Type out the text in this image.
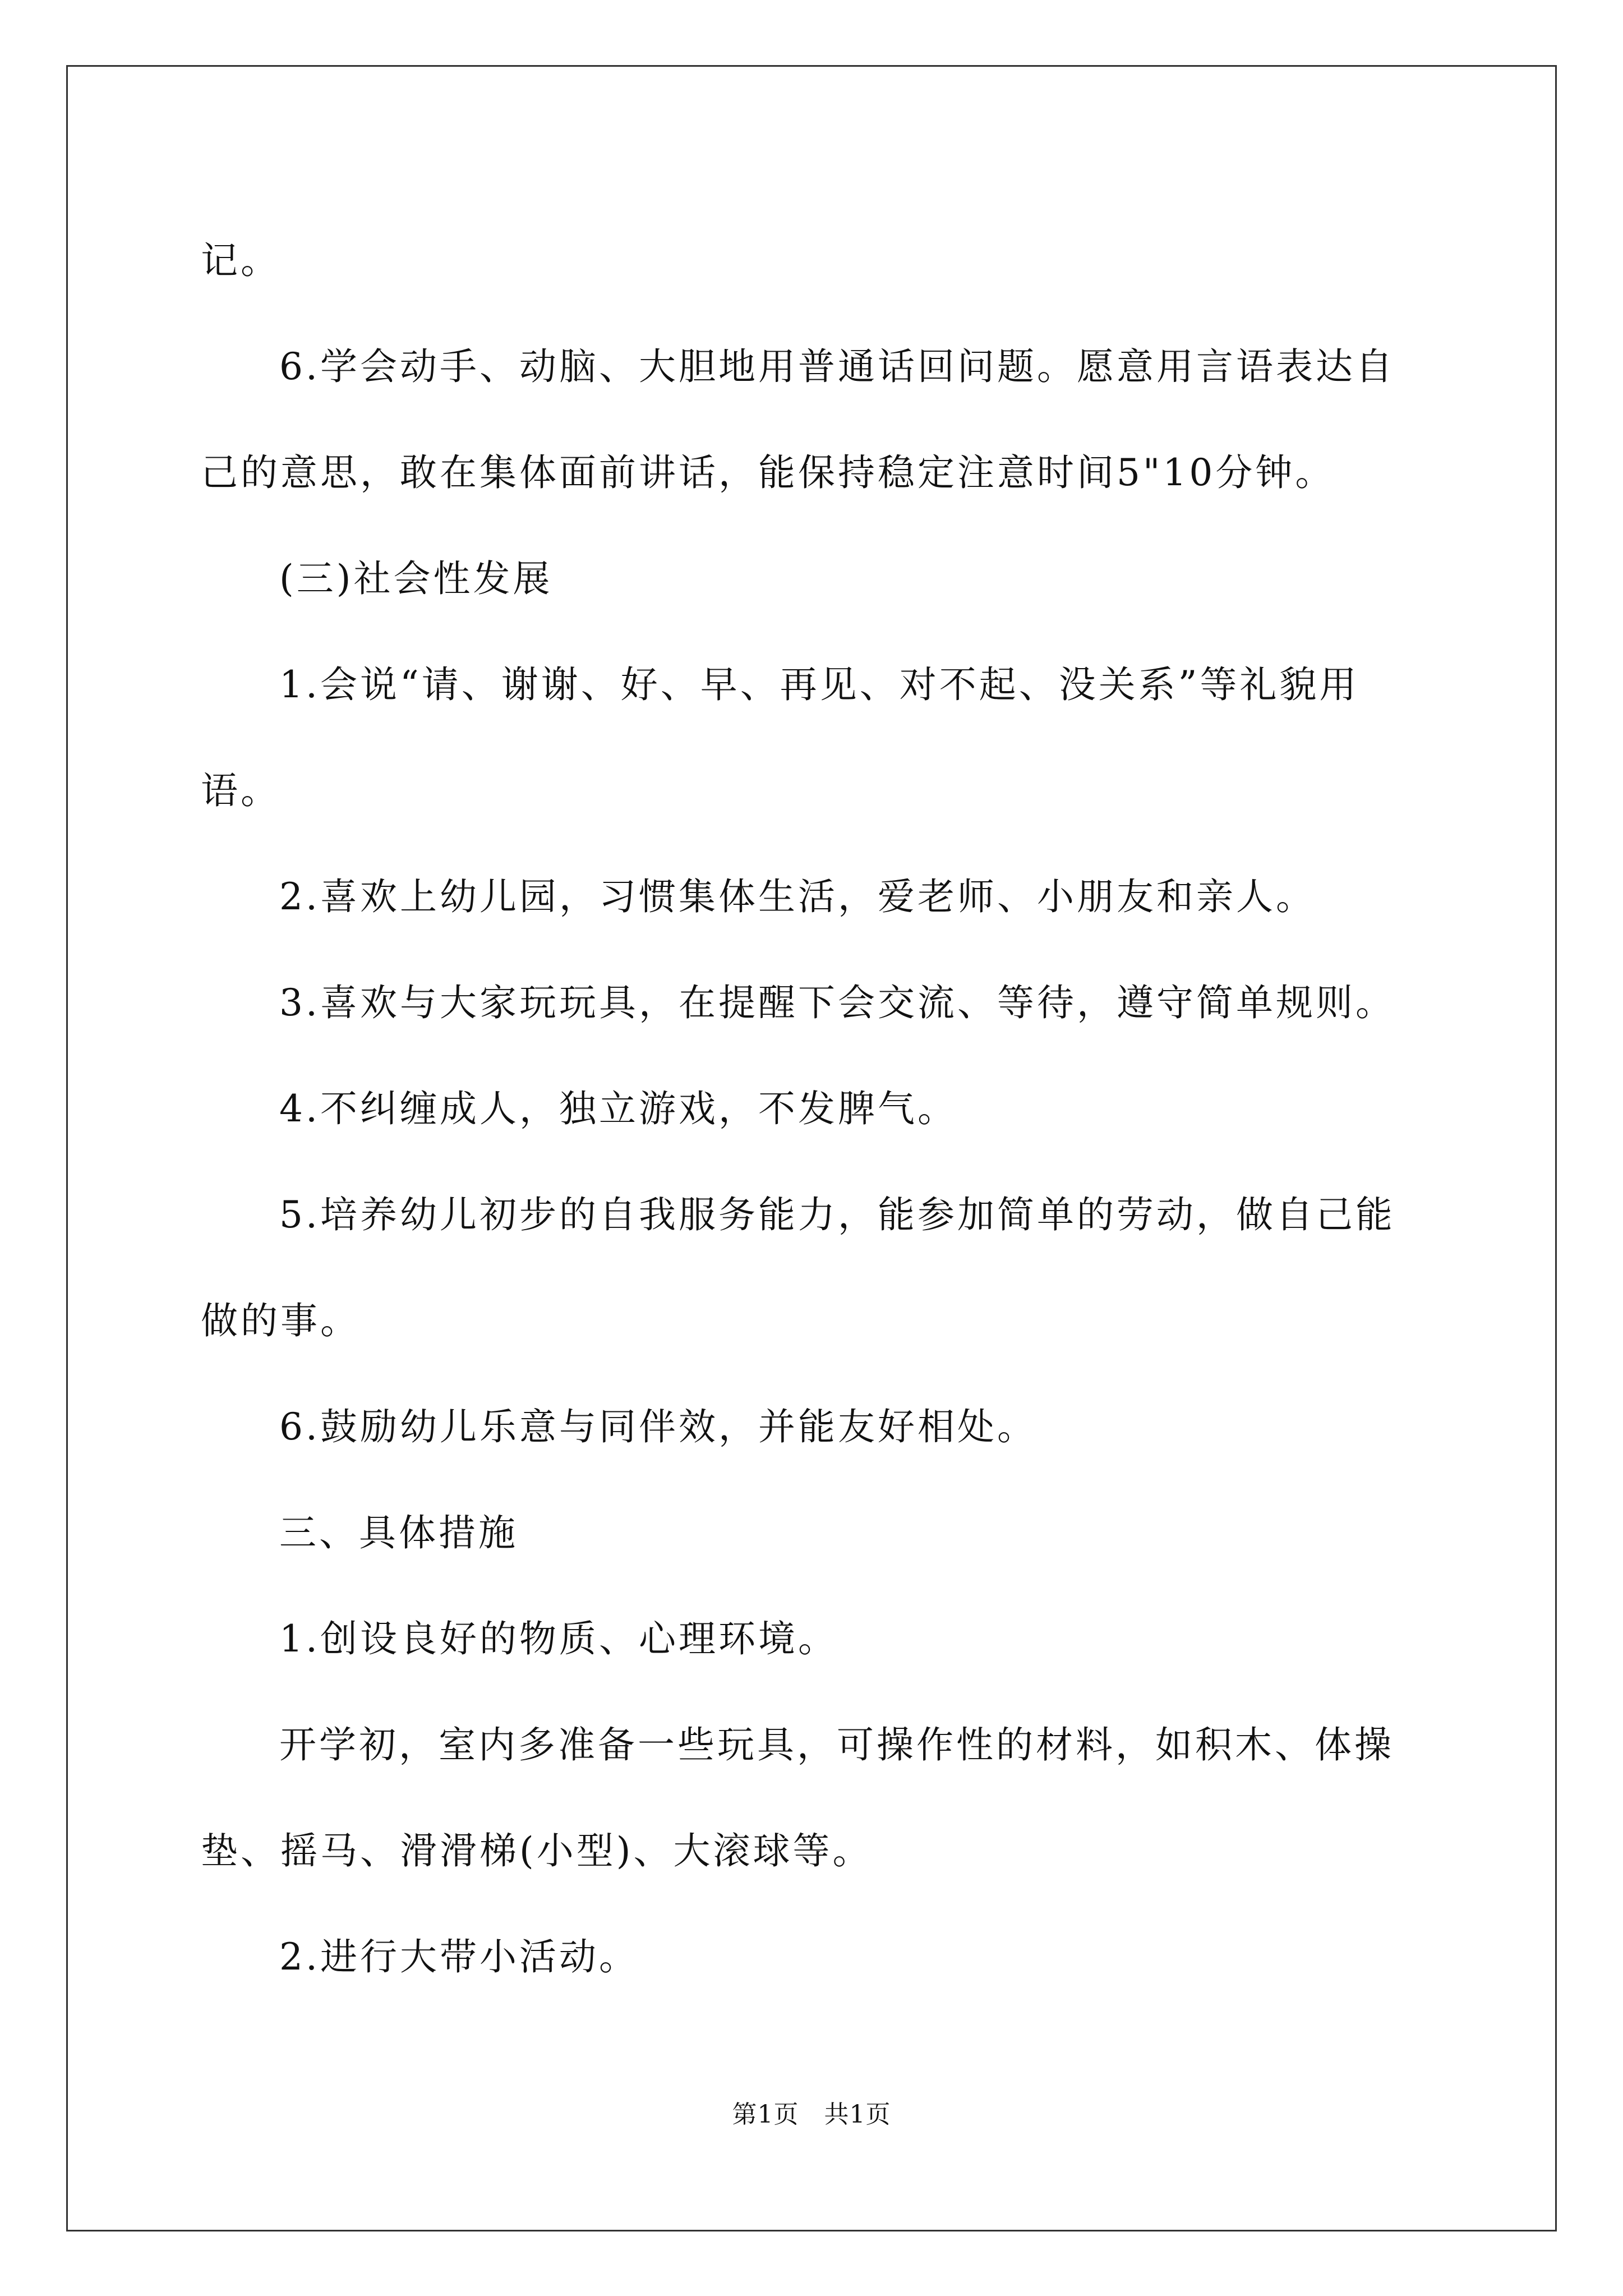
记。

6.学会动手、动脑、大胆地用普通话回问题。愿意用言语表达自

己的意思，敢在集体面前讲话，能保持稳定注意时间5"10分钟。

(三)社会性发展

1.会说“请、谢谢、好、早、再见、对不起、没关系”等礼貌用

语。

2.喜欢上幼儿园，习惯集体生活，爱老师、小朋友和亲人。

3.喜欢与大家玩玩具，在提醒下会交流、等待，遵守简单规则。

4.不纠缠成人，独立游戏，不发脾气。

5.培养幼儿初步的自我服务能力，能参加简单的劳动，做自己能

做的事。

6.鼓励幼儿乐意与同伴效，并能友好相处。

三、具体措施

1.创设良好的物质、心理环境。

开学初，室内多准备一些玩具，可操作性的材料，如积木、体操

垫、摇马、滑滑梯(小型)、大滚球等。

2.进行大带小活动。

第1页　共1页
